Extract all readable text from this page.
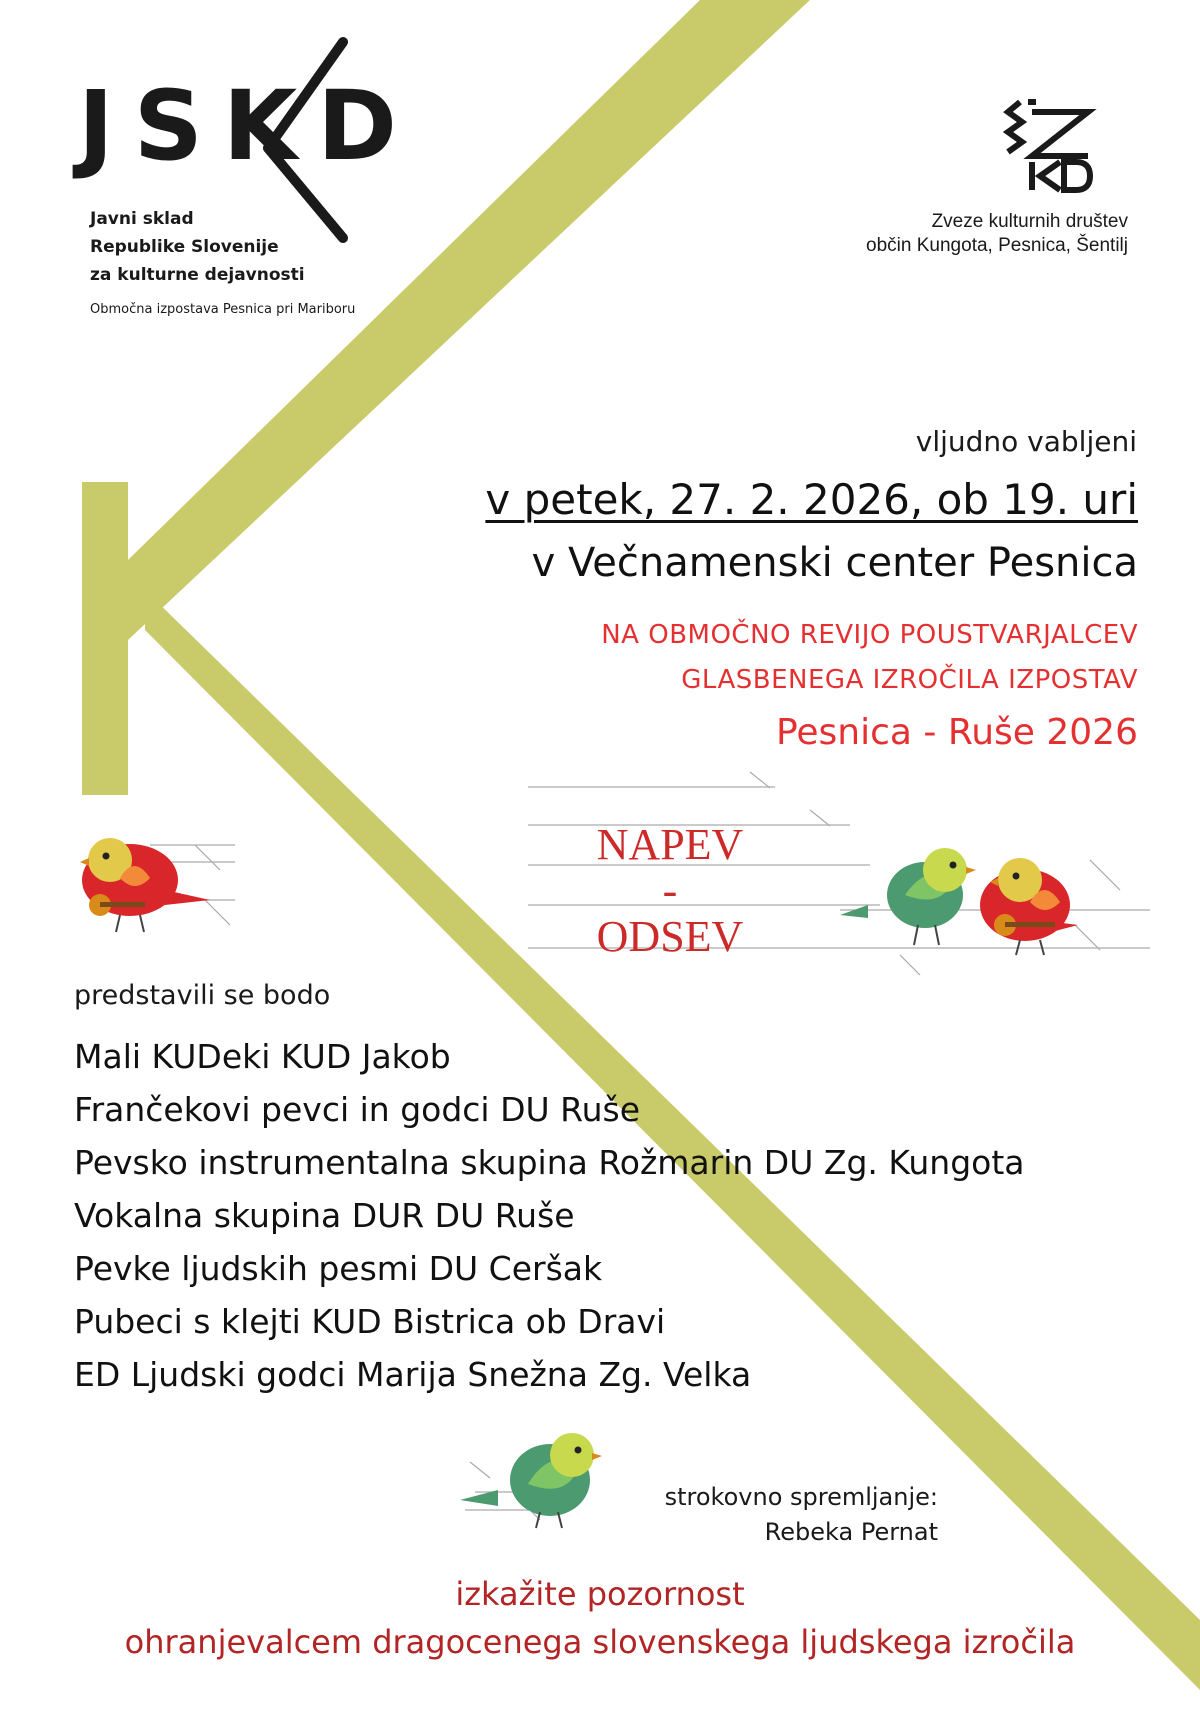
JSKD
Javni sklad
Republike Slovenije
za kulturne dejavnosti
Območna izpostava Pesnica pri Mariboru
Zveze kulturnih društev
občin Kungota, Pesnica, Šentilj
vljudno vabljeni
v petek, 27. 2. 2026, ob 19. uri
v Večnamenski center Pesnica
NA OBMOČNO REVIJO POUSTVARJALCEV
GLASBENEGA IZROČILA IZPOSTAV
Pesnica - Ruše 2026
NAPEV
-
ODSEV
predstavili se bodo
Mali KUDeki KUD Jakob
Frančekovi pevci in godci DU Ruše
Pevsko instrumentalna skupina Rožmarin DU Zg. Kungota
Vokalna skupina DUR DU Ruše
Pevke ljudskih pesmi DU Ceršak
Pubeci s klejti KUD Bistrica ob Dravi
ED Ljudski godci Marija Snežna Zg. Velka
strokovno spremljanje:
Rebeka Pernat
izkažite pozornost
ohranjevalcem dragocenega slovenskega ljudskega izročila
